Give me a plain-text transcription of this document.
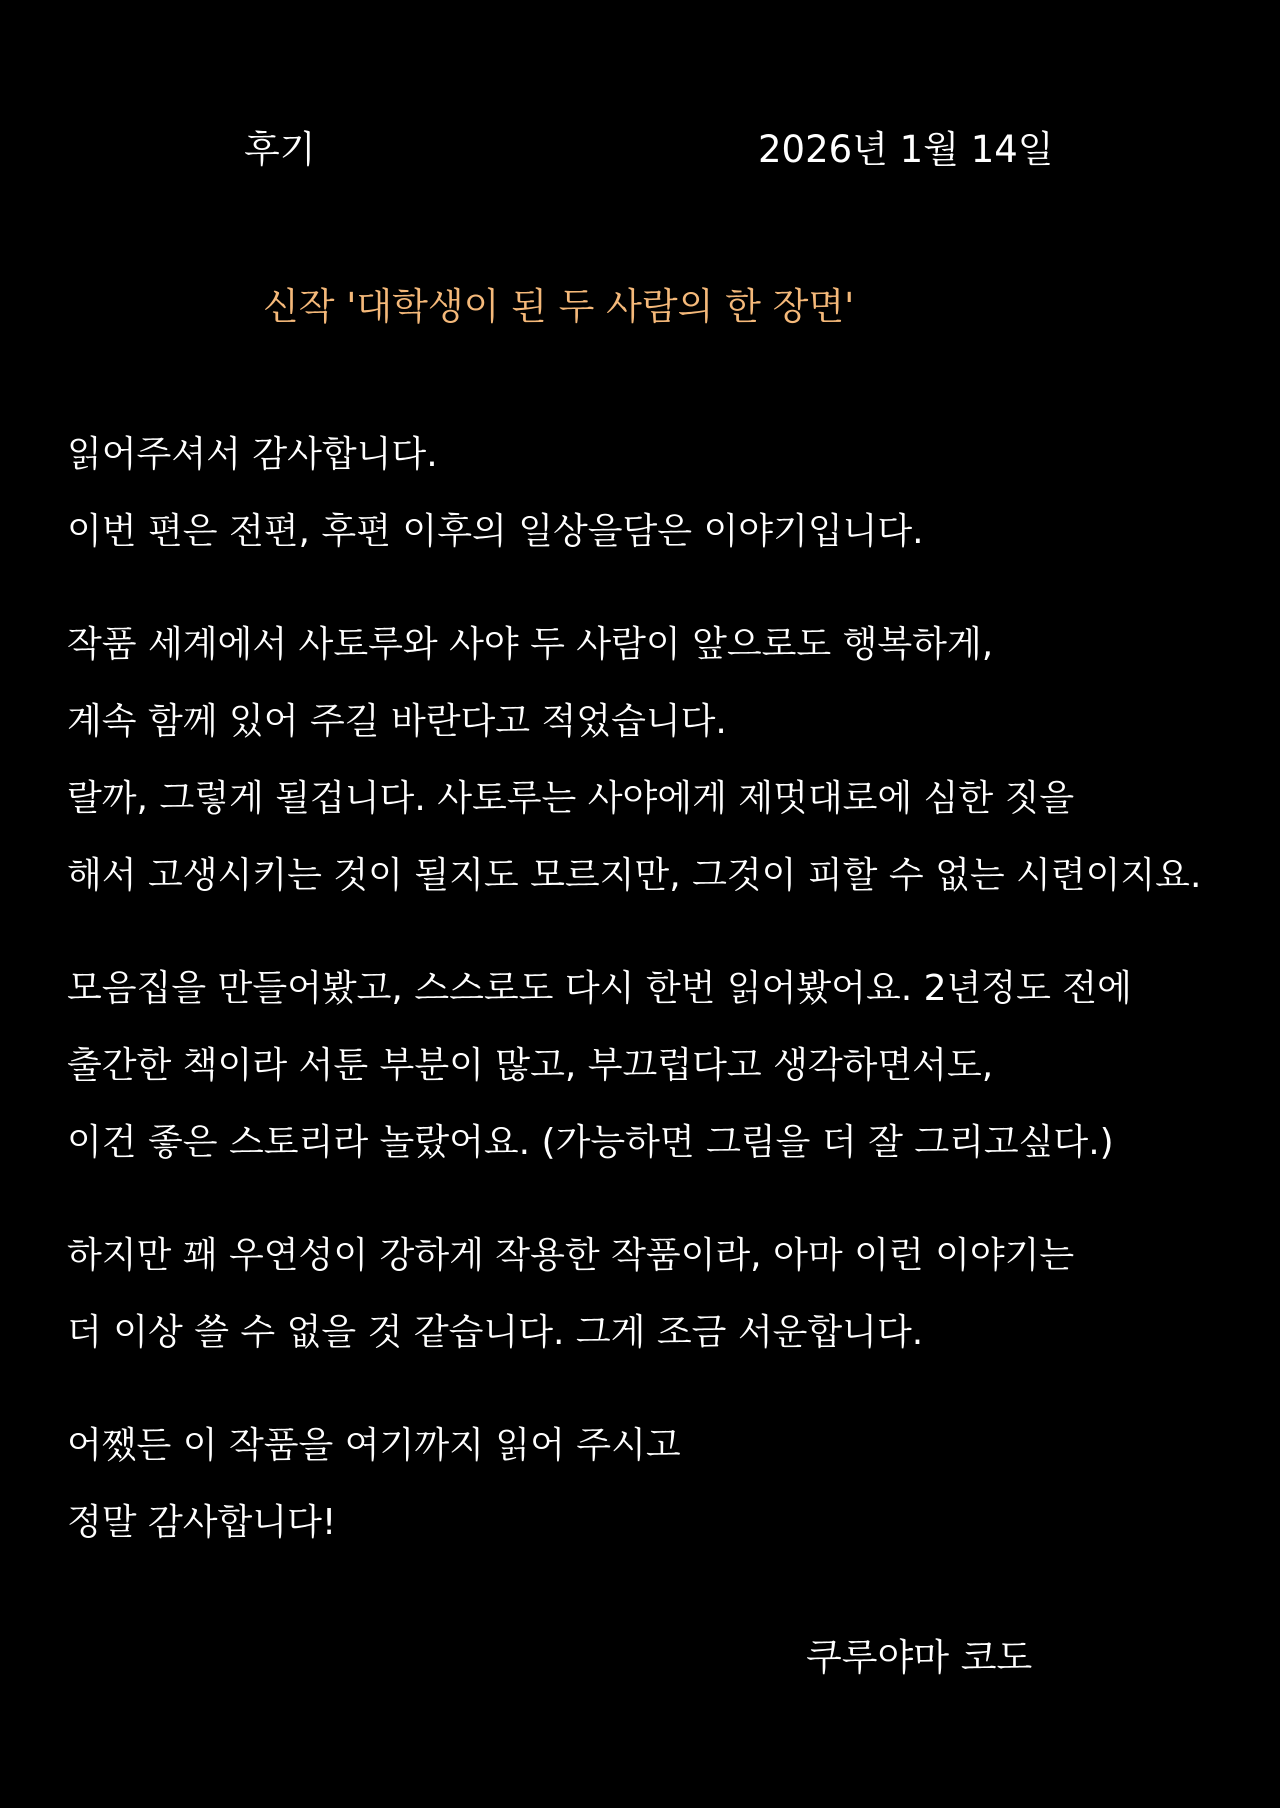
후기	2026년 1월 14일
신작 '대학생이 된 두 사람의 한 장면'
읽어주셔서 감사합니다.
이번 편은 전편, 후편 이후의 일상을담은 이야기입니다.
작품 세계에서 사토루와 사야 두 사람이 앞으로도 행복하게,
계속 함께 있어 주길 바란다고 적었습니다.
랄까, 그렇게 될겁니다. 사토루는 사야에게 제멋대로에 심한 짓을
해서 고생시키는 것이 될지도 모르지만, 그것이 피할 수 없는 시련이지요.
모음집을 만들어봤고, 스스로도 다시 한번 읽어봤어요. 2년정도 전에
출간한 책이라 서툰 부분이 많고, 부끄럽다고 생각하면서도,
이건 좋은 스토리라 놀랐어요. (가능하면 그림을 더 잘 그리고싶다.)
하지만 꽤 우연성이 강하게 작용한 작품이라, 아마 이런 이야기는
더 이상 쓸 수 없을 것 같습니다. 그게 조금 서운합니다.
어쨌든 이 작품을 여기까지 읽어 주시고
정말 감사합니다!
쿠루야마 코도
